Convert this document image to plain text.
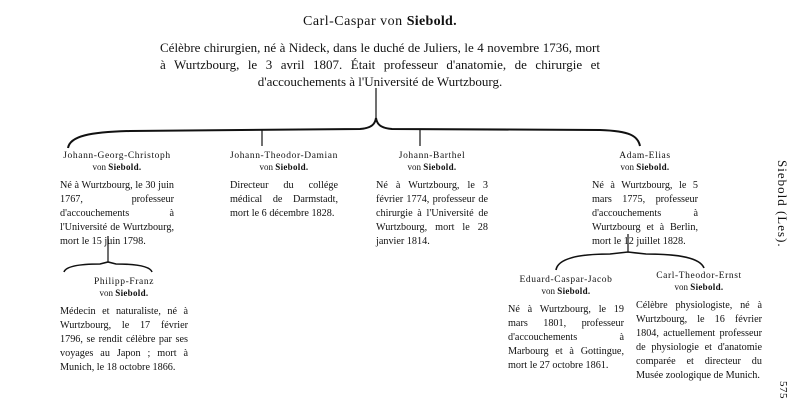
Carl-Caspar von Siebold.
Célèbre chirurgien, né à Nideck, dans le duché de Juliers, le 4 novembre 1736, mort à Wurtzbourg, le 3 avril 1807. Était professeur d'anatomie, de chirurgie et d'accouchements à l'Université de Wurtzbourg.
Johann-Georg-Christoph
von Siebold.
Né à Wurtzbourg, le 30 juin 1767, professeur d'accouchements à l'Université de Wurtzbourg, mort le 15 juin 1798.
Johann-Theodor-Damian
von Siebold.
Directeur du collége médical de Darmstadt, mort le 6 décembre 1828.
Johann-Barthel
von Siebold.
Né à Wurtzbourg, le 3 février 1774, professeur de chirurgie à l'Université de Wurtzbourg, mort le 28 janvier 1814.
Adam-Elias
von Siebold.
Né à Wurtzbourg, le 5 mars 1775, professeur d'accouchements à Wurtzbourg et à Berlin, mort le 12 juillet 1828.
Philipp-Franz
von Siebold.
Médecin et naturaliste, né à Wurtzbourg, le 17 février 1796, se rendit célèbre par ses voyages au Japon ; mort à Munich, le 18 octobre 1866.
Eduard-Caspar-Jacob
von Siebold.
Né à Wurtzbourg, le 19 mars 1801, professeur d'accouchements à Marbourg et à Gottingue, mort le 27 octobre 1861.
Carl-Theodor-Ernst
von Siebold.
Célèbre physiologiste, né à Wurtzbourg, le 16 février 1804, actuellement professeur de physiologie et d'anatomie comparée et directeur du Musée zoologique de Munich.
Siebold (Les).
575
